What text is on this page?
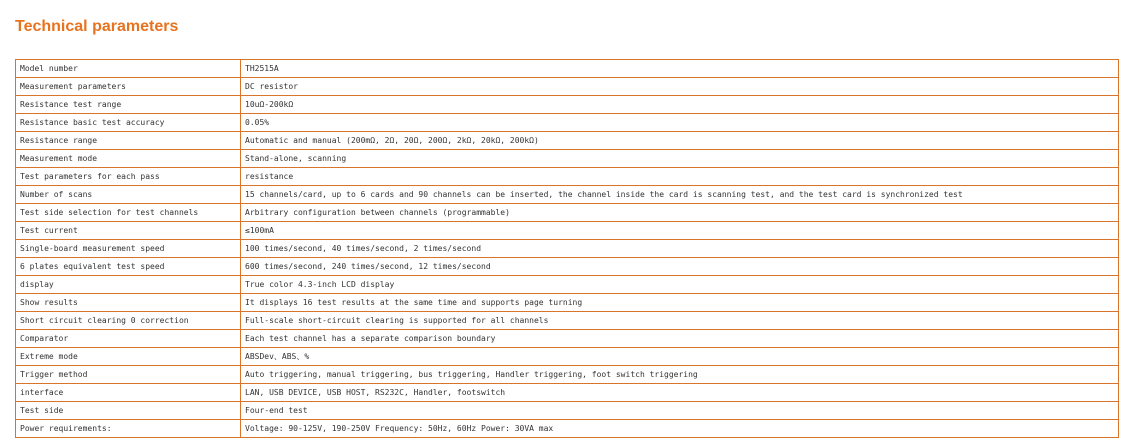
Technical parameters
Model number	TH2515A
Measurement parameters	DC resistor
Resistance test range	10uΩ-200kΩ
Resistance basic test accuracy	0.05%
Resistance range	Automatic and manual (200mΩ, 2Ω, 20Ω, 200Ω, 2kΩ, 20kΩ, 200kΩ)
Measurement mode	Stand-alone, scanning
Test parameters for each pass	resistance
Number of scans	15 channels/card, up to 6 cards and 90 channels can be inserted, the channel inside the card is scanning test, and the test card is synchronized test
Test side selection for test channels	Arbitrary configuration between channels (programmable)
Test current	≤100mA
Single-board measurement speed	100 times/second, 40 times/second, 2 times/second
6 plates equivalent test speed	600 times/second, 240 times/second, 12 times/second
display	True color 4.3-inch LCD display
Show results	It displays 16 test results at the same time and supports page turning
Short circuit clearing 0 correction	Full-scale short-circuit clearing is supported for all channels
Comparator	Each test channel has a separate comparison boundary
Extreme mode	ABSDev、ABS、%
Trigger method	Auto triggering, manual triggering, bus triggering, Handler triggering, foot switch triggering
interface	LAN, USB DEVICE, USB HOST, RS232C, Handler, footswitch
Test side	Four-end test
Power requirements:	Voltage: 90-125V, 190-250V Frequency: 50Hz, 60Hz Power: 30VA max
